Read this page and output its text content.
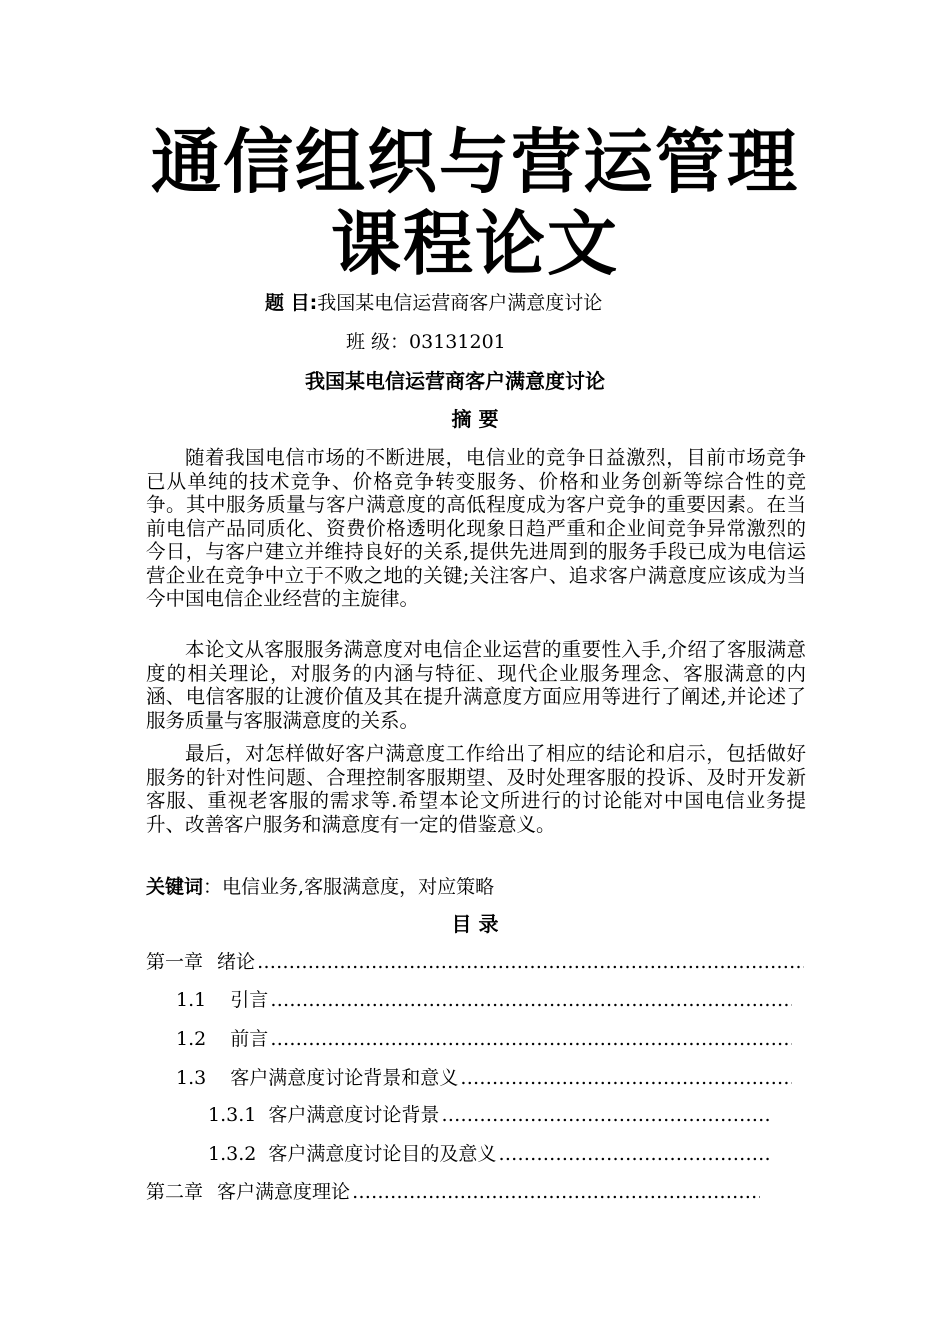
通信组织与营运管理
课程论文
题 目:我国某电信运营商客户满意度讨论
班 级：03131201
我国某电信运营商客户满意度讨论
摘 要

随着我国电信市场的不断进展，电信业的竞争日益激烈，目前市场竞争已从单纯的技术竞争、价格竞争转变服务、价格和业务创新等综合性的竞争。其中服务质量与客户满意度的高低程度成为客户竞争的重要因素。在当前电信产品同质化、资费价格透明化现象日趋严重和企业间竞争异常激烈的今日，与客户建立并维持良好的关系,提供先进周到的服务手段已成为电信运营企业在竞争中立于不败之地的关键;关注客户、追求客户满意度应该成为当今中国电信企业经营的主旋律。

本论文从客服服务满意度对电信企业运营的重要性入手,介绍了客服满意度的相关理论，对服务的内涵与特征、现代企业服务理念、客服满意的内涵、电信客服的让渡价值及其在提升满意度方面应用等进行了阐述,并论述了服务质量与客服满意度的关系。

最后，对怎样做好客户满意度工作给出了相应的结论和启示，包括做好服务的针对性问题、合理控制客服期望、及时处理客服的投诉、及时开发新客服、重视老客服的需求等.希望本论文所进行的讨论能对中国电信业务提升、改善客户服务和满意度有一定的借鉴意义。

关键词：电信业务,客服满意度，对应策略
目 录
第一章 绪论
………………………………………………………………………………………………………………………………………………………………
1.1 引言
………………………………………………………………………………………………………………………………………………………………
1.2 前言
………………………………………………………………………………………………………………………………………………………………
1.3 客户满意度讨论背景和意义
………………………………………………………………………………………………………………………………………………………………
1.3.1 客户满意度讨论背景
………………………………………………………………………………………………………………………………………………………………
1.3.2 客户满意度讨论目的及意义
………………………………………………………………………………………………………………………………………………………………
第二章 客户满意度理论
………………………………………………………………………………………………………………………………………………………………
